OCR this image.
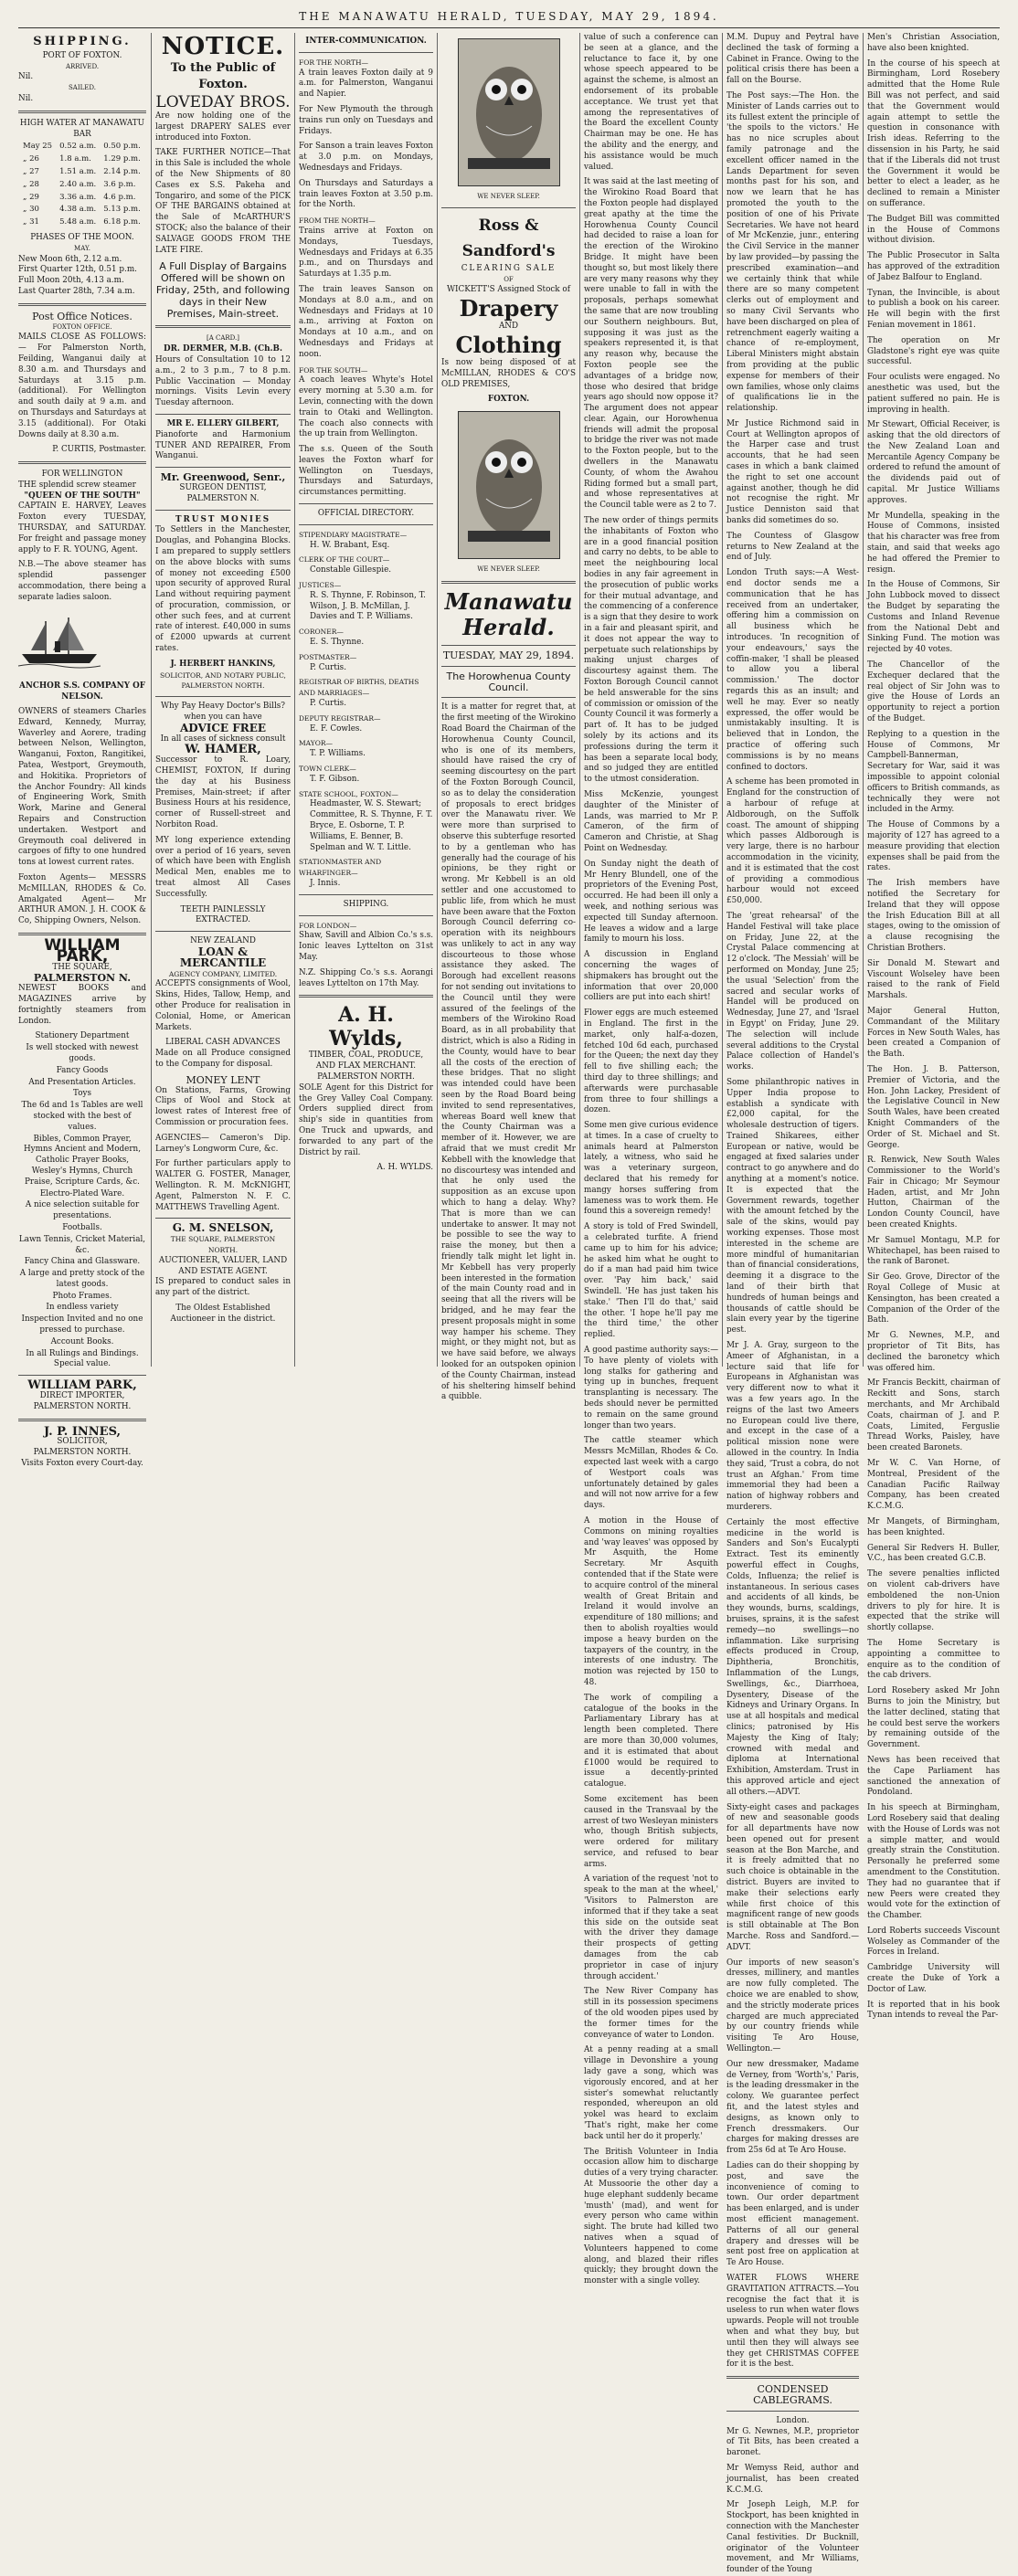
THE MANAWATU HERALD, TUESDAY, MAY 29, 1894.
SHIPPING.
PORT OF FOXTON.
ARRIVED.
Nil.
SAILED.
Nil.
HIGH WATER AT MANAWATU BAR
May 25	0.52 a.m.	0.50 p.m.
„ 26	1.8 a.m.	1.29 p.m.
„ 27	1.51 a.m.	2.14 p.m.
„ 28	2.40 a.m.	3.6 p.m.
„ 29	3.36 a.m.	4.6 p.m.
„ 30	4.38 a.m.	5.13 p.m.
„ 31	5.48 a.m.	6.18 p.m.
PHASES OF THE MOON.
MAY.
New Moon 6th, 2.12 a.m.
First Quarter 12th, 0.51 p.m.
Full Moon 20th, 4.13 a.m.
Last Quarter 28th, 7.34 a.m.
Post Office Notices.
FOXTON OFFICE.

MAILS CLOSE AS FOLLOWS:— For Palmerston North, Feilding, Wanganui daily at 8.30 a.m. and Thursdays and Saturdays at 3.15 p.m. (additional). For Wellington and south daily at 9 a.m. and on Thursdays and Saturdays at 3.15 (additional). For Otaki Downs daily at 8.30 a.m.

P. CURTIS, Postmaster.
FOR WELLINGTON
THE splendid screw steamer
"QUEEN OF THE SOUTH"

CAPTAIN E. HARVEY, Leaves Foxton every TUESDAY, THURSDAY, and SATURDAY. For freight and passage money apply to F. R. YOUNG, Agent.

N.B.—The above steamer has splendid passenger accommodation, there being a separate ladies saloon.

ANCHOR S.S. COMPANY OF NELSON.

OWNERS of steamers Charles Edward, Kennedy, Murray, Waverley and Aorere, trading between Nelson, Wellington, Wanganui, Foxton, Rangitikei, Patea, Westport, Greymouth, and Hokitika. Proprietors of the Anchor Foundry: All kinds of Engineering Work, Smith Work, Marine and General Repairs and Construction undertaken. Westport and Greymouth coal delivered in cargoes of fifty to one hundred tons at lowest current rates.

Foxton Agents— MESSRS McMILLAN, RHODES & Co. Amalgated Agent— Mr ARTHUR AMON. J. H. COOK & Co, Shipping Owners, Nelson.

WILLIAM PARK,
THE SQUARE,
PALMERSTON N.

NEWEST BOOKS and MAGAZINES arrive by fortnightly steamers from London.

Stationery Department
Is well stocked with newest goods.
Fancy Goods
And Presentation Articles.
Toys
The 6d and 1s Tables are well stocked with the best of values.
Bibles, Common Prayer, Hymns Ancient and Modern, Catholic Prayer Books, Wesley's Hymns, Church Praise, Scripture Cards, &c.
Electro-Plated Ware.
A nice selection suitable for presentations.
Footballs.
Lawn Tennis, Cricket Material, &c.
Fancy China and Glassware.
A large and pretty stock of the latest goods.
Photo Frames.
In endless variety
Inspection Invited and no one pressed to purchase.
Account Books.
In all Rulings and Bindings. Special value.
WILLIAM PARK,
DIRECT IMPORTER,
PALMERSTON NORTH.
J. P. INNES,
SOLICITOR,
PALMERSTON NORTH.
Visits Foxton every Court-day.
NOTICE.
To the Public of Foxton.
LOVEDAY BROS.

Are now holding one of the largest DRAPERY SALES ever introduced into Foxton.

TAKE FURTHER NOTICE—That in this Sale is included the whole of the New Shipments of 80 Cases ex S.S. Pakeha and Tongariro, and some of the PICK OF THE BARGAINS obtained at the Sale of McARTHUR'S STOCK; also the balance of their SALVAGE GOODS FROM THE LATE FIRE.

A Full Display of Bargains Offered will be shown on Friday, 25th, and following days in their New Premises, Main-street.
[A CARD.]
DR. DERMER, M.B. (Ch.B.

Hours of Consultation 10 to 12 a.m., 2 to 3 p.m., 7 to 8 p.m. Public Vaccination — Monday mornings. Visits Levin every Tuesday afternoon.

MR E. ELLERY GILBERT,

Pianoforte and Harmonium TUNER AND REPAIRER, From Wanganui.

Mr. Greenwood, Senr.,
SURGEON DENTIST,
PALMERSTON N.
TRUST MONIES

To Settlers in the Manchester, Douglas, and Pohangina Blocks. I am prepared to supply settlers on the above blocks with sums of money not exceeding £500 upon security of approved Rural Land without requiring payment of procuration, commission, or other such fees, and at current rate of interest. £40,000 in sums of £2000 upwards at current rates.

J. HERBERT HANKINS,
SOLICITOR, AND NOTARY PUBLIC, PALMERSTON NORTH.
Why Pay Heavy Doctor's Bills? when you can have
ADVICE FREE
In all cases of sickness consult
W. HAMER,

Successor to R. Loary, CHEMIST, FOXTON, If during the day at his Business Premises, Main-street; if after Business Hours at his residence, corner of Russell-street and Norbiton Road.

MY long experience extending over a period of 16 years, seven of which have been with English Medical Men, enables me to treat almost All Cases Successfully.

TEETH PAINLESSLY EXTRACTED.
NEW ZEALAND
LOAN & MERCANTILE
AGENCY COMPANY, LIMITED.

ACCEPTS consignments of Wool, Skins, Hides, Tallow, Hemp, and other Produce for realisation in Colonial, Home, or American Markets.

LIBERAL CASH ADVANCES

Made on all Produce consigned to the Company for disposal.

MONEY LENT

On Stations, Farms, Growing Clips of Wool and Stock at lowest rates of Interest free of Commission or procuration fees.

AGENCIES— Cameron's Dip. Larney's Longworm Cure, &c.

For further particulars apply to WALTER G. FOSTER, Manager, Wellington. R. M. McKNIGHT, Agent, Palmerston N. F. C. MATTHEWS Travelling Agent.

G. M. SNELSON,
THE SQUARE, PALMERSTON NORTH.
AUCTIONEER, VALUER, LAND AND ESTATE AGENT.

IS prepared to conduct sales in any part of the district.

The Oldest Established Auctioneer in the district.
INTER-COMMUNICATION.
FOR THE NORTH—

A train leaves Foxton daily at 9 a.m. for Palmerston, Wanganui and Napier.

For New Plymouth the through trains run only on Tuesdays and Fridays.

For Sanson a train leaves Foxton at 3.0 p.m. on Mondays, Wednesdays and Fridays.

On Thursdays and Saturdays a train leaves Foxton at 3.50 p.m. for the North.

FROM THE NORTH—

Trains arrive at Foxton on Mondays, Tuesdays, Wednesdays and Fridays at 6.35 p.m., and on Thursdays and Saturdays at 1.35 p.m.

The train leaves Sanson on Mondays at 8.0 a.m., and on Wednesdays and Fridays at 10 a.m., arriving at Foxton on Mondays at 10 a.m., and on Wednesdays and Fridays at noon.

FOR THE SOUTH—

A coach leaves Whyte's Hotel every morning at 5.30 a.m. for Levin, connecting with the down train to Otaki and Wellington. The coach also connects with the up train from Wellington.

The s.s. Queen of the South leaves the Foxton wharf for Wellington on Tuesdays, Thursdays and Saturdays, circumstances permitting.

OFFICIAL DIRECTORY.
STIPENDIARY MAGISTRATE—
H. W. Brabant, Esq.
CLERK OF THE COURT—
Constable Gillespie.
JUSTICES—
R. S. Thynne, F. Robinson, T. Wilson, J. B. McMillan, J. Davies and T. P. Williams.
CORONER—
E. S. Thynne.
POSTMASTER—
P. Curtis.
REGISTRAR OF BIRTHS, DEATHS AND MARRIAGES—
P. Curtis.
DEPUTY REGISTRAR—
E. F. Cowles.
MAYOR—
T. P. Williams.
TOWN CLERK—
T. F. Gibson.
STATE SCHOOL, FOXTON—
Headmaster, W. S. Stewart; Committee, R. S. Thynne, F. T. Bryce, E. Osborne, T. P. Williams, E. Benner, B. Spelman and W. T. Little.
STATIONMASTER AND WHARFINGER—
J. Innis.
SHIPPING.
FOR LONDON—

Shaw, Savill and Albion Co.'s s.s. Ionic leaves Lyttelton on 31st May.

N.Z. Shipping Co.'s s.s. Aorangi leaves Lyttelton on 17th May.

A. H. Wylds,
TIMBER, COAL, PRODUCE, AND FLAX MERCHANT.
PALMERSTON NORTH.

SOLE Agent for this District for the Grey Valley Coal Company. Orders supplied direct from ship's side in quantities from One Truck and upwards, and forwarded to any part of the District by rail.

A. H. WYLDS.
WE NEVER SLEEP.
Ross & Sandford's
CLEARING SALE
OF
WICKETT'S Assigned Stock of
Drapery
AND
Clothing

Is now being disposed of at McMILLAN, RHODES & CO'S OLD PREMISES,

FOXTON.
WE NEVER SLEEP.
Manawatu Herald.
TUESDAY, MAY 29, 1894.
The Horowhenua County Council.

It is a matter for regret that, at the first meeting of the Wirokino Road Board the Chairman of the Horowhenua County Council, who is one of its members, should have raised the cry of seeming discourtesy on the part of the Foxton Borough Council, so as to delay the consideration of proposals to erect bridges over the Manawatu river. We were more than surprised to observe this subterfuge resorted to by a gentleman who has generally had the courage of his opinions, be they right or wrong. Mr Kebbell is an old settler and one accustomed to public life, from which he must have been aware that the Foxton Borough Council deferring co-operation with its neighbours was unlikely to act in any way discourteous to those whose assistance they asked. The Borough had excellent reasons for not sending out invitations to the Council until they were assured of the feelings of the members of the Wirokino Road Board, as in all probability that district, which is also a Riding in the County, would have to bear all the costs of the erection of these bridges. That no slight was intended could have been seen by the Road Board being invited to send representatives, whereas Board well knew that the County Chairman was a member of it. However, we are afraid that we must credit Mr Kebbell with the knowledge that no discourtesy was intended and that he only used the supposition as an excuse upon which to hang a delay. Why? That is more than we can undertake to answer. It may not be possible to see the way to raise the money, but then a friendly talk might let light in. Mr Kebbell has very properly been interested in the formation of the main County road and in seeing that all the rivers will be bridged, and he may fear the present proposals might in some way hamper his scheme. They might, or they might not, but as we have said before, we always looked for an outspoken opinion of the County Chairman, instead of his sheltering himself behind a quibble.

value of such a conference can be seen at a glance, and the reluctance to face it, by one whose speech appeared to be against the scheme, is almost an endorsement of its probable acceptance. We trust yet that among the representatives of the Board the excellent County Chairman may be one. He has the ability and the energy, and his assistance would be much valued.

It was said at the last meeting of the Wirokino Road Board that the Foxton people had displayed great apathy at the time the Horowhenua County Council had decided to raise a loan for the erection of the Wirokino Bridge. It might have been thought so, but most likely there are very many reasons why they were unable to fall in with the proposals, perhaps somewhat the same that are now troubling our Southern neighbours. But, supposing it was just as the speakers represented it, is that any reason why, because the Foxton people see the advantages of a bridge now, those who desired that bridge years ago should now oppose it? The argument does not appear clear. Again, our Horowhenua friends will admit the proposal to bridge the river was not made to the Foxton people, but to the dwellers in the Manawatu County, of whom the Awahou Riding formed but a small part, and whose representatives at the Council table were as 2 to 7.

The new order of things permits the inhabitants of Foxton who are in a good financial position and carry no debts, to be able to meet the neighbouring local bodies in any fair agreement in the prosecution of public works for their mutual advantage, and the commencing of a conference is a sign that they desire to work in a fair and pleasant spirit, and it does not appear the way to perpetuate such relationships by making unjust charges of discourtesy against them. The Foxton Borough Council cannot be held answerable for the sins of commission or omission of the County Council it was formerly a part of. It has to be judged solely by its actions and its professions during the term it has been a separate local body, and so judged they are entitled to the utmost consideration.

Miss McKenzie, youngest daughter of the Minister of Lands, was married to Mr P. Cameron, of the firm of Cameron and Christie, at Shag Point on Wednesday.

On Sunday night the death of Mr Henry Blundell, one of the proprietors of the Evening Post, occurred. He had been ill only a week, and nothing serious was expected till Sunday afternoon. He leaves a widow and a large family to mourn his loss.

A discussion in England concerning the wages of shipmakers has brought out the information that over 20,000 colliers are put into each shirt!

Flower eggs are much esteemed in England. The first in the market, only half-a-dozen, fetched 10d 6d each, purchased for the Queen; the next day they fell to five shilling each; the third day to three shillings; and afterwards were purchasable from three to four shillings a dozen.

Some men give curious evidence at times. In a case of cruelty to animals heard at Palmerston lately, a witness, who said he was a veterinary surgeon, declared that his remedy for mangy horses suffering from lameness was to work them. He found this a sovereign remedy!

A story is told of Fred Swindell, a celebrated turfite. A friend came up to him for his advice; he asked him what he ought to do if a man had paid him twice over. 'Pay him back,' said Swindell. 'He has just taken his stake.' 'Then I'll do that,' said the other. 'I hope he'll pay me the third time,' the other replied.

A good pastime authority says:—To have plenty of violets with long stalks for gathering and tying up in bunches, frequent transplanting is necessary. The beds should never be permitted to remain on the same ground longer than two years.

The cattle steamer which Messrs McMillan, Rhodes & Co. expected last week with a cargo of Westport coals was unfortunately detained by gales and will not now arrive for a few days.

A motion in the House of Commons on mining royalties and 'way leaves' was opposed by Mr Asquith, the Home Secretary. Mr Asquith contended that if the State were to acquire control of the mineral wealth of Great Britain and Ireland it would involve an expenditure of 180 millions; and then to abolish royalties would impose a heavy burden on the taxpayers of the country, in the interests of one industry. The motion was rejected by 150 to 48.

The work of compiling a catalogue of the books in the Parliamentary Library has at length been completed. There are more than 30,000 volumes, and it is estimated that about £1000 would be required to issue a decently-printed catalogue.

Some excitement has been caused in the Transvaal by the arrest of two Wesleyan ministers who, though British subjects, were ordered for military service, and refused to bear arms.

A variation of the request 'not to speak to the man at the wheel,' 'Visitors to Palmerston are informed that if they take a seat this side on the outside seat with the driver they damage their prospects of getting damages from the cab proprietor in case of injury through accident.'

The New River Company has still in its possession specimens of the old wooden pipes used by the former times for the conveyance of water to London.

At a penny reading at a small village in Devonshire a young lady gave a song, which was vigorously encored, and at her sister's somewhat reluctantly responded, whereupon an old yokel was heard to exclaim 'That's right, make her come back until her do it properly.'

The British Volunteer in India occasion allow him to discharge duties of a very trying character. At Mussoorie the other day a huge elephant suddenly became 'musth' (mad), and went for every person who came within sight. The brute had killed two natives when a squad of Volunteers happened to come along, and blazed their rifles quickly; they brought down the monster with a single volley.

M.M. Dupuy and Peytral have declined the task of forming a Cabinet in France. Owing to the political crisis there has been a fall on the Bourse.

The Post says:—The Hon. the Minister of Lands carries out to its fullest extent the principle of 'the spoils to the victors.' He has no nice scruples about family patronage and the excellent officer named in the Lands Department for seven months past for his son, and now we learn that he has promoted the youth to the position of one of his Private Secretaries. We have not heard of Mr McKenzie, junr., entering the Civil Service in the manner by law provided—by passing the prescribed examination—and we certainly think that while there are so many competent clerks out of employment and so many Civil Servants who have been discharged on plea of retrenchment eagerly waiting a chance of re-employment, Liberal Ministers might abstain from providing at the public expense for members of their own families, whose only claims of qualifications lie in the relationship.

Mr Justice Richmond said in Court at Wellington apropos of the Harper case and trust accounts, that he had seen cases in which a bank claimed the right to set one account against another, though he did not recognise the right. Mr Justice Denniston said that banks did sometimes do so.

The Countess of Glasgow returns to New Zealand at the end of July.

London Truth says:—A West-end doctor sends me a communication that he has received from an undertaker, offering him a commission on all business which he introduces. 'In recognition of your endeavours,' says the coffin-maker, 'I shall be pleased to allow you a liberal commission.' The doctor regards this as an insult; and well he may. Ever so neatly expressed, the offer would be unmistakably insulting. It is believed that in London, the practice of offering such commissions is by no means confined to doctors.

A scheme has been promoted in England for the construction of a harbour of refuge at Aldborough, on the Suffolk coast. The amount of shipping which passes Aldborough is very large, there is no harbour accommodation in the vicinity, and it is estimated that the cost of providing a commodious harbour would not exceed £50,000.

The 'great rehearsal' of the Handel Festival will take place on Friday, June 22, at the Crystal Palace commencing at 12 o'clock. 'The Messiah' will be performed on Monday, June 25; the usual 'Selection' from the sacred and secular works of Handel will be produced on Wednesday, June 27, and 'Israel in Egypt' on Friday, June 29. The selection will include several additions to the Crystal Palace collection of Handel's works.

Some philanthropic natives in Upper India propose to establish a syndicate with £2,000 capital, for the wholesale destruction of tigers. Trained Shikarees, either European or native, would be engaged at fixed salaries under contract to go anywhere and do anything at a moment's notice. It is expected that the Government rewards, together with the amount fetched by the sale of the skins, would pay working expenses. Those most interested in the scheme are more mindful of humanitarian than of financial considerations, deeming it a disgrace to the land of their birth that hundreds of human beings and thousands of cattle should be slain every year by the tigerine pest.

Mr J. A. Gray, surgeon to the Ameer of Afghanistan, in a lecture said that life for Europeans in Afghanistan was very different now to what it was a few years ago. In the reigns of the last two Ameers no European could live there, and except in the case of a political mission none were allowed in the country. In India they said, 'Trust a cobra, do not trust an Afghan.' From time immemorial they had been a nation of highway robbers and murderers.

Certainly the most effective medicine in the world is Sanders and Son's Eucalypti Extract. Test its eminently powerful effect in Coughs, Colds, Influenza; the relief is instantaneous. In serious cases and accidents of all kinds, be they wounds, burns, scaldings, bruises, sprains, it is the safest remedy—no swellings—no inflammation. Like surprising effects produced in Croup, Diphtheria, Bronchitis, Inflammation of the Lungs, Swellings, &c., Diarrhoea, Dysentery, Disease of the Kidneys and Urinary Organs. In use at all hospitals and medical clinics; patronised by His Majesty the King of Italy; crowned with medal and diploma at International Exhibition, Amsterdam. Trust in this approved article and eject all others.—ADVT.

Sixty-eight cases and packages of new and seasonable goods for all departments have now been opened out for present season at the Bon Marche, and it is freely admitted that no such choice is obtainable in the district. Buyers are invited to make their selections early while first choice of this magnificent range of new goods is still obtainable at The Bon Marche. Ross and Sandford.—ADVT.

Our imports of new season's dresses, millinery, and mantles are now fully completed. The choice we are enabled to show, and the strictly moderate prices charged are much appreciated by our country friends while visiting Te Aro House, Wellington.—

Our new dressmaker, Madame de Verney, from 'Worth's,' Paris, is the leading dressmaker in the colony. We guarantee perfect fit, and the latest styles and designs, as known only to French dressmakers. Our charges for making dresses are from 25s 6d at Te Aro House.

Ladies can do their shopping by post, and save the inconvenience of coming to town. Our order department has been enlarged, and is under most efficient management. Patterns of all our general drapery and dresses will be sent post free on application at Te Aro House.

WATER FLOWS WHERE GRAVITATION ATTRACTS.—You recognise the fact that it is useless to run when water flows upwards. People will not trouble when and what they buy, but until then they will always see they get CHRISTMAS COFFEE for it is the best.

CONDENSED CABLEGRAMS.
London.

Mr G. Newnes, M.P., proprietor of Tit Bits, has been created a baronet.

Mr Wemyss Reid, author and journalist, has been created K.C.M.G.

Mr Joseph Leigh, M.P. for Stockport, has been knighted in connection with the Manchester Canal festivities. Dr Bucknill, originator of the Volunteer movement, and Mr Williams, founder of the Young

Men's Christian Association, have also been knighted.

In the course of his speech at Birmingham, Lord Rosebery admitted that the Home Rule Bill was not perfect, and said that the Government would again attempt to settle the question in consonance with Irish ideas. Referring to the dissension in his Party, he said that if the Liberals did not trust the Government it would be better to elect a leader, as he declined to remain a Minister on sufferance.

The Budget Bill was committed in the House of Commons without division.

The Public Prosecutor in Salta has approved of the extradition of Jabez Balfour to England.

Tynan, the Invincible, is about to publish a book on his career. He will begin with the first Fenian movement in 1861.

The operation on Mr Gladstone's right eye was quite successful.

Four oculists were engaged. No anesthetic was used, but the patient suffered no pain. He is improving in health.

Mr Stewart, Official Receiver, is asking that the old directors of the New Zealand Loan and Mercantile Agency Company be ordered to refund the amount of the dividends paid out of capital. Mr Justice Williams approves.

Mr Mundella, speaking in the House of Commons, insisted that his character was free from stain, and said that weeks ago he had offered the Premier to resign.

In the House of Commons, Sir John Lubbock moved to dissect the Budget by separating the Customs and Inland Revenue from the National Debt and Sinking Fund. The motion was rejected by 40 votes.

The Chancellor of the Exchequer declared that the real object of Sir John was to give the House of Lords an opportunity to reject a portion of the Budget.

Replying to a question in the House of Commons, Mr Campbell-Bannerman, Secretary for War, said it was impossible to appoint colonial officers to British commands, as technically they were not included in the Army.

The House of Commons by a majority of 127 has agreed to a measure providing that election expenses shall be paid from the rates.

The Irish members have notified the Secretary for Ireland that they will oppose the Irish Education Bill at all stages, owing to the omission of a clause recognising the Christian Brothers.

Sir Donald M. Stewart and Viscount Wolseley have been raised to the rank of Field Marshals.

Major General Hutton, Commandant of the Military Forces in New South Wales, has been created a Companion of the Bath.

The Hon. J. B. Patterson, Premier of Victoria, and the Hon. John Lackey, President of the Legislative Council in New South Wales, have been created Knight Commanders of the Order of St. Michael and St. George.

R. Renwick, New South Wales Commissioner to the World's Fair in Chicago; Mr Seymour Haden, artist, and Mr John Hutton, Chairman of the London County Council, have been created Knights.

Mr Samuel Montagu, M.P. for Whitechapel, has been raised to the rank of Baronet.

Sir Geo. Grove, Director of the Royal College of Music at Kensington, has been created a Companion of the Order of the Bath.

Mr G. Newnes, M.P., and proprietor of Tit Bits, has declined the baronetcy which was offered him.

Mr Francis Beckitt, chairman of Reckitt and Sons, starch merchants, and Mr Archibald Coats, chairman of J. and P. Coats, Limited, Ferguslie Thread Works, Paisley, have been created Baronets.

Mr W. C. Van Horne, of Montreal, President of the Canadian Pacific Railway Company, has been created K.C.M.G.

Mr Mangets, of Birmingham, has been knighted.

General Sir Redvers H. Buller, V.C., has been created G.C.B.

The severe penalties inflicted on violent cab-drivers have emboldened the non-Union drivers to ply for hire. It is expected that the strike will shortly collapse.

The Home Secretary is appointing a committee to enquire as to the condition of the cab drivers.

Lord Rosebery asked Mr John Burns to join the Ministry, but the latter declined, stating that he could best serve the workers by remaining outside of the Government.

News has been received that the Cape Parliament has sanctioned the annexation of Pondoland.

In his speech at Birmingham, Lord Rosebery said that dealing with the House of Lords was not a simple matter, and would greatly strain the Constitution. Personally he preferred some amendment to the Constitution. They had no guarantee that if new Peers were created they would vote for the extinction of the Chamber.

Lord Roberts succeeds Viscount Wolseley as Commander of the Forces in Ireland.

Cambridge University will create the Duke of York a Doctor of Law.

It is reported that in his book Tynan intends to reveal the Par-
